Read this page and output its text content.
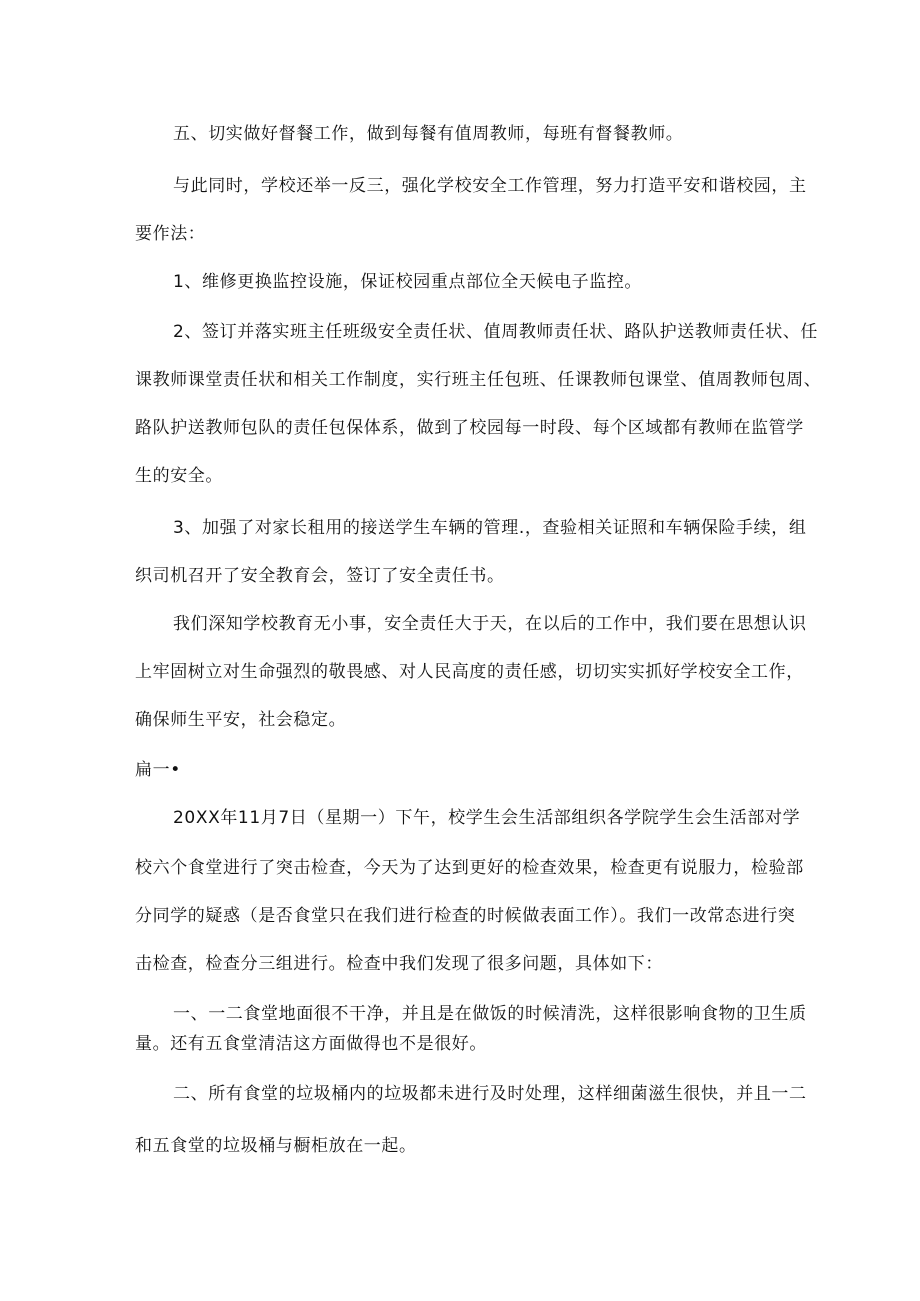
五、切实做好督餐工作，做到每餐有值周教师，每班有督餐教师。
与此同时，学校还举一反三，强化学校安全工作管理，努力打造平安和谐校园，主
要作法：
1、维修更换监控设施，保证校园重点部位全天候电子监控。
2、签订并落实班主任班级安全责任状、值周教师责任状、路队护送教师责任状、任
课教师课堂责任状和相关工作制度，实行班主任包班、任课教师包课堂、值周教师包周、
路队护送教师包队的责任包保体系，做到了校园每一时段、每个区域都有教师在监管学
生的安全。
3、加强了对家长租用的接送学生车辆的管理.，查验相关证照和车辆保险手续，组
织司机召开了安全教育会，签订了安全责任书。
我们深知学校教育无小事，安全责任大于天，在以后的工作中，我们要在思想认识
上牢固树立对生命强烈的敬畏感、对人民高度的责任感，切切实实抓好学校安全工作，
确保师生平安，社会稳定。
扁一•
20XX年11月7日（星期一）下午，校学生会生活部组织各学院学生会生活部对学
校六个食堂进行了突击检查，今天为了达到更好的检查效果，检查更有说服力，检验部
分同学的疑惑（是否食堂只在我们进行检查的时候做表面工作）。我们一改常态进行突
击检查，检查分三组进行。检查中我们发现了很多问题，具体如下：
一、一二食堂地面很不干净，并且是在做饭的时候清洗，这样很影响食物的卫生质
量。还有五食堂清洁这方面做得也不是很好。
二、所有食堂的垃圾桶内的垃圾都未进行及时处理，这样细菌滋生很快，并且一二
和五食堂的垃圾桶与橱柜放在一起。
